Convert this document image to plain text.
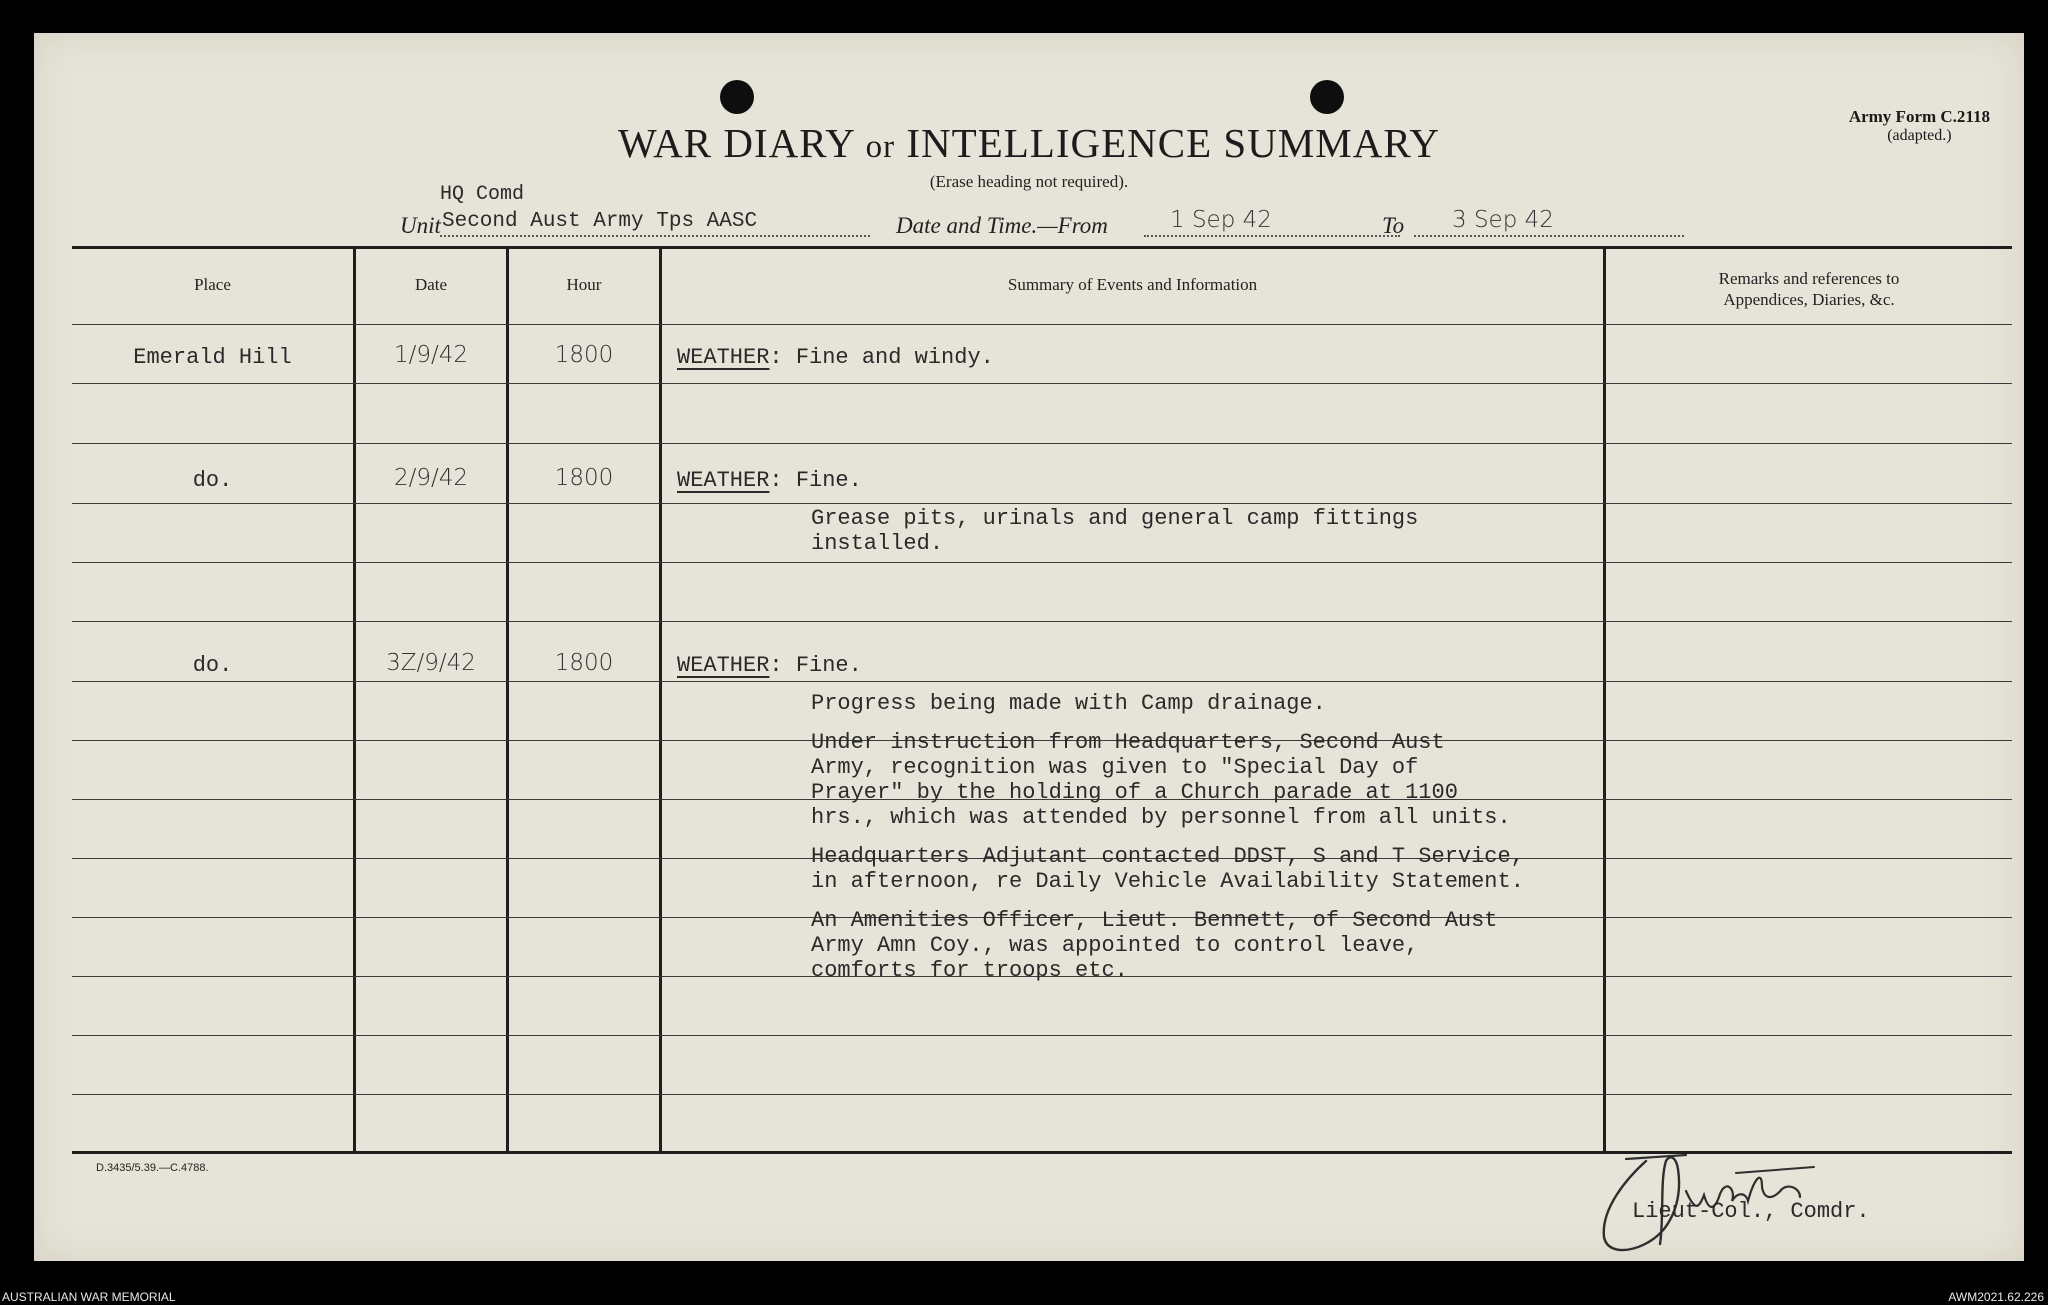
WAR DIARY or INTELLIGENCE SUMMARY
(Erase heading not required).
Army Form C.2118
(adapted.)
HQ Comd
Unit Second Aust Army Tps AASC	Date and Time.—From	1 Sep 42	To 3 Sep 42
Place	Date	Hour	Summary of Events and Information	Remarks and references to
Appendices, Diaries, &c.
Emerald Hill	1/9/42	1800	WEATHER: Fine and windy.
do.	2/9/42	1800	WEATHER: Fine.
Grease pits, urinals and general camp fittings
installed.
do.	3Z/9/42	1800	WEATHER: Fine.
Progress being made with Camp drainage.
Under instruction from Headquarters, Second Aust
Army, recognition was given to "Special Day of
Prayer" by the holding of a Church parade at 1100
hrs., which was attended by personnel from all units.
Headquarters Adjutant contacted DDST, S and T Service,
in afternoon, re Daily Vehicle Availability Statement.
An Amenities Officer, Lieut. Bennett, of Second Aust
Army Amn Coy., was appointed to control leave,
comforts for troops etc.
D.3435/5.39.—C.4788.
Lieut-Col., Comdr.
AUSTRALIAN WAR MEMORIAL	AWM2021.62.226
